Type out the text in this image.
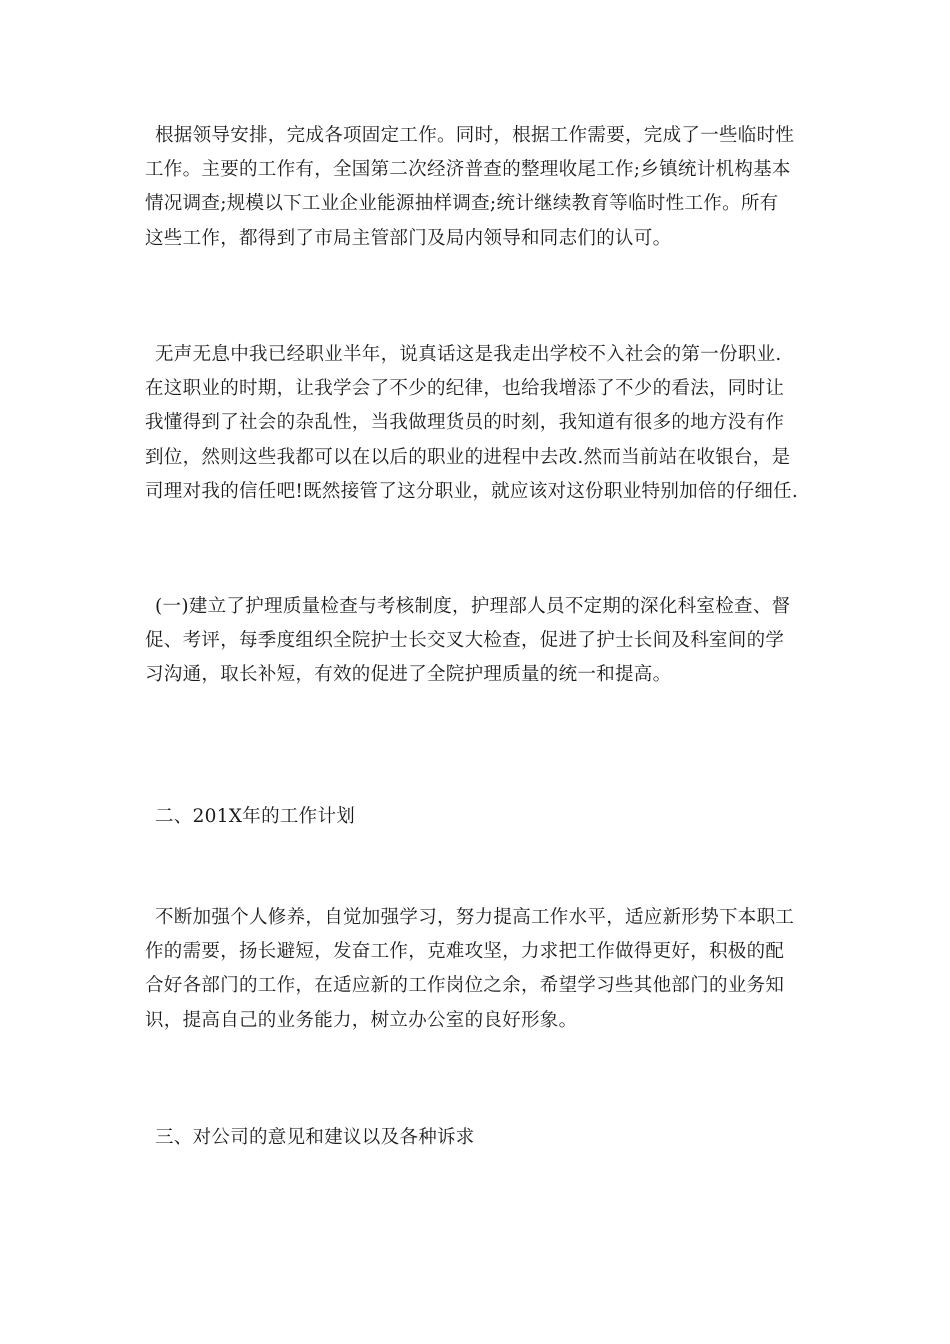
根据领导安排，完成各项固定工作。同时，根据工作需要，完成了一些临时性
工作。主要的工作有，全国第二次经济普查的整理收尾工作;乡镇统计机构基本
情况调查;规模以下工业企业能源抽样调查;统计继续教育等临时性工作。所有
这些工作，都得到了市局主管部门及局内领导和同志们的认可。

无声无息中我已经职业半年，说真话这是我走出学校不入社会的第一份职业.
在这职业的时期，让我学会了不少的纪律，也给我增添了不少的看法，同时让
我懂得到了社会的杂乱性，当我做理货员的时刻，我知道有很多的地方没有作
到位，然则这些我都可以在以后的职业的进程中去改.然而当前站在收银台，是
司理对我的信任吧!既然接管了这分职业，就应该对这份职业特别加倍的仔细任.

(一)建立了护理质量检查与考核制度，护理部人员不定期的深化科室检查、督
促、考评，每季度组织全院护士长交叉大检查，促进了护士长间及科室间的学
习沟通，取长补短，有效的促进了全院护理质量的统一和提高。

二、201X年的工作计划

不断加强个人修养，自觉加强学习，努力提高工作水平，适应新形势下本职工
作的需要，扬长避短，发奋工作，克难攻坚，力求把工作做得更好，积极的配
合好各部门的工作，在适应新的工作岗位之余，希望学习些其他部门的业务知
识，提高自己的业务能力，树立办公室的良好形象。

三、对公司的意见和建议以及各种诉求
